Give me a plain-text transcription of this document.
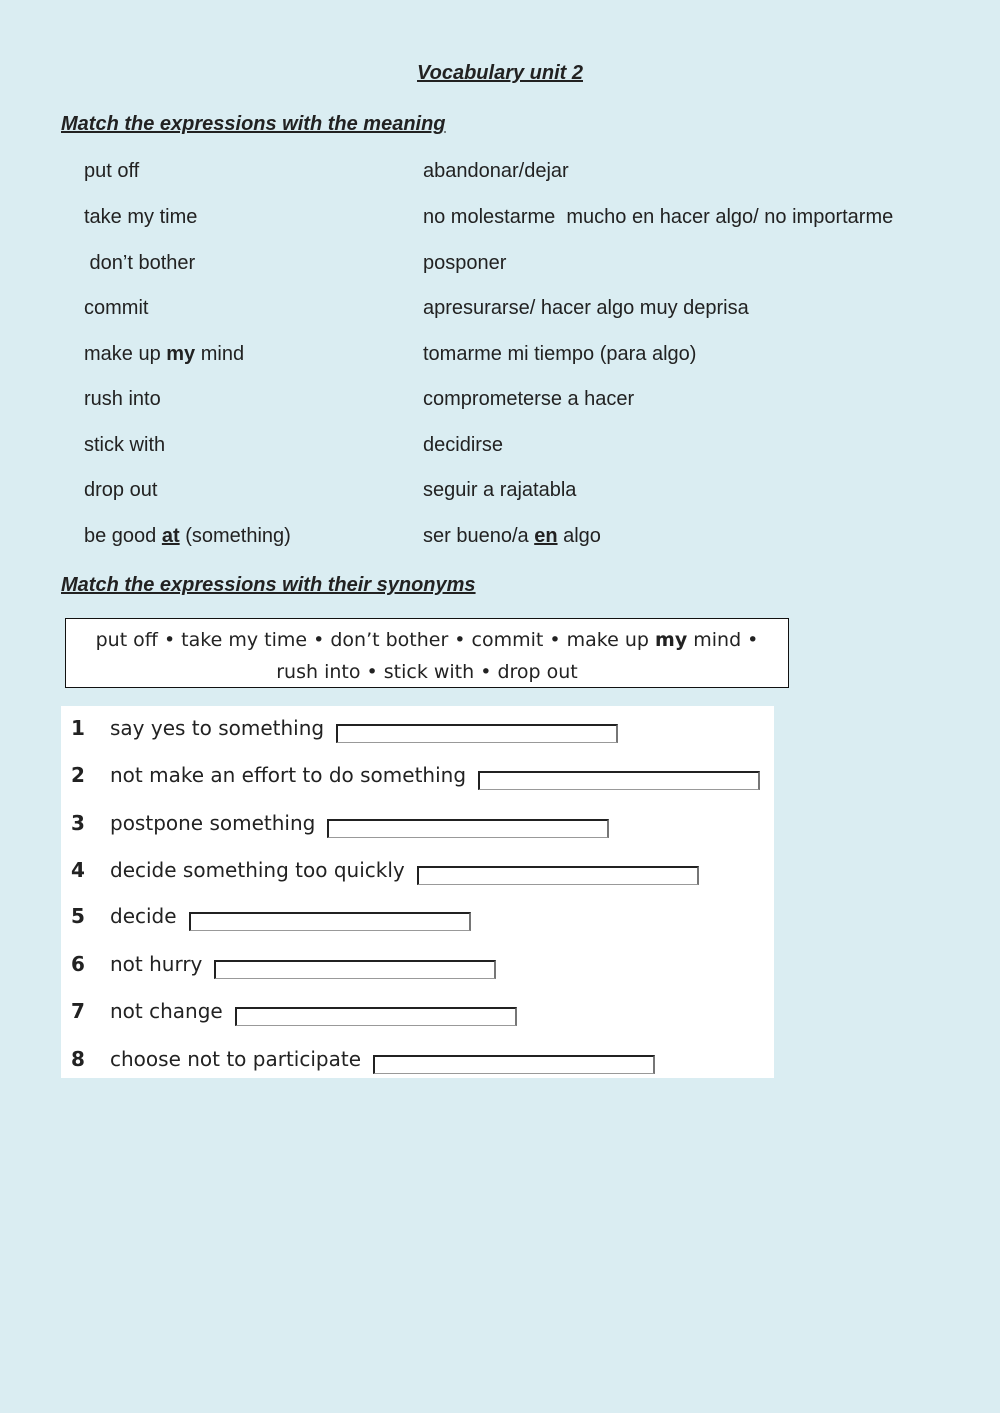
Vocabulary unit 2
Match the expressions with the meaning
put off	abandonar/dejar
take my time	no molestarme  mucho en hacer algo/ no importarme
don’t bother	posponer
commit	apresurarse/ hacer algo muy deprisa
make up my mind	tomarme mi tiempo (para algo)
rush into	comprometerse a hacer
stick with	decidirse
drop out	seguir a rajatabla
be good at (something)	ser bueno/a en algo
Match the expressions with their synonyms
put off • take my time • don’t bother • commit • make up my mind •
rush into • stick with • drop out
1	say yes to something
2	not make an effort to do something
3	postpone something
4	decide something too quickly
5	decide
6	not hurry
7	not change
8	choose not to participate
